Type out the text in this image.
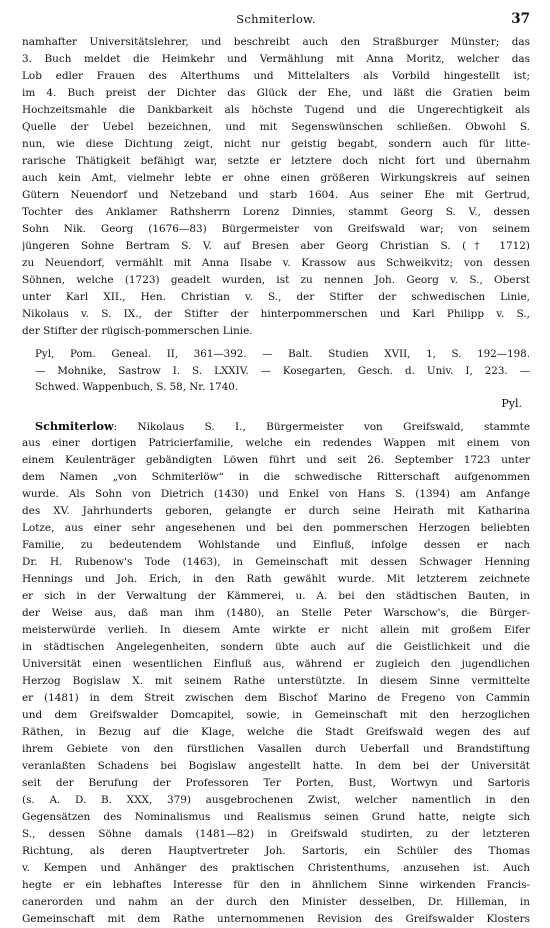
Schmiterlow.	37
namhafter Universitätslehrer, und beschreibt auch den Straßburger Münster; das
3. Buch meldet die Heimkehr und Vermählung mit Anna Moritz, welcher das
Lob edler Frauen des Alterthums und Mittelalters als Vorbild hingestellt ist;
im 4. Buch preist der Dichter das Glück der Ehe, und läßt die Gratien beim
Hochzeitsmahle die Dankbarkeit als höchste Tugend und die Ungerechtigkeit als
Quelle der Uebel bezeichnen, und mit Segenswünschen schließen. Obwohl S.
nun, wie diese Dichtung zeigt, nicht nur geistig begabt, sondern auch für litte-
rarische Thätigkeit befähigt war, setzte er letztere doch nicht fort und übernahm
auch kein Amt, vielmehr lebte er ohne einen größeren Wirkungskreis auf seinen
Gütern Neuendorf und Netzeband und starb 1604. Aus seiner Ehe mit Gertrud,
Tochter des Anklamer Rathsherrn Lorenz Dinnies, stammt Georg S. V., dessen
Sohn Nik. Georg (1676—83) Bürgermeister von Greifswald war; von seinem
jüngeren Sohne Bertram S. V. auf Bresen aber Georg Christian S. († 1712)
zu Neuendorf, vermählt mit Anna Ilsabe v. Krassow aus Schweikvitz; von dessen
Söhnen, welche (1723) geadelt wurden, ist zu nennen Joh. Georg v. S., Oberst
unter Karl XII., Hen. Christian v. S., der Stifter der schwedischen Linie,
Nikolaus v. S. IX., der Stifter der hinterpommerschen und Karl Philipp v. S.,
der Stifter der rügisch-pommerschen Linie.
Pyl, Pom. Geneal. II, 361—392. — Balt. Studien XVII, 1, S. 192—198.
— Mohnike, Sastrow I. S. LXXIV. — Kosegarten, Gesch. d. Univ. I, 223. —
Schwed. Wappenbuch, S. 58, Nr. 1740.
Pyl.
Schmiterlow: Nikolaus S. I., Bürgermeister von Greifswald, stammte
aus einer dortigen Patricierfamilie, welche ein redendes Wappen mit einem von
einem Keulenträger gebändigten Löwen führt und seit 26. September 1723 unter
dem Namen „von Schmiterlöw“ in die schwedische Ritterschaft aufgenommen
wurde. Als Sohn von Dietrich (1430) und Enkel von Hans S. (1394) am Anfange
des XV. Jahrhunderts geboren, gelangte er durch seine Heirath mit Katharina
Lotze, aus einer sehr angesehenen und bei den pommerschen Herzogen beliebten
Familie, zu bedeutendem Wohlstande und Einfluß, infolge dessen er nach
Dr. H. Rubenow's Tode (1463), in Gemeinschaft mit dessen Schwager Henning
Hennings und Joh. Erich, in den Rath gewählt wurde. Mit letzterem zeichnete
er sich in der Verwaltung der Kämmerei, u. A. bei den städtischen Bauten, in
der Weise aus, daß man ihm (1480), an Stelle Peter Warschow's, die Bürger-
meisterwürde verlieh. In diesem Amte wirkte er nicht allein mit großem Eifer
in städtischen Angelegenheiten, sondern übte auch auf die Geistlichkeit und die
Universität einen wesentlichen Einfluß aus, während er zugleich den jugendlichen
Herzog Bogislaw X. mit seinem Rathe unterstützte. In diesem Sinne vermittelte
er (1481) in dem Streit zwischen dem Bischof Marino de Fregeno von Cammin
und dem Greifswalder Domcapitel, sowie, in Gemeinschaft mit den herzoglichen
Räthen, in Bezug auf die Klage, welche die Stadt Greifswald wegen des auf
ihrem Gebiete von den fürstlichen Vasallen durch Ueberfall und Brandstiftung
veranlaßten Schadens bei Bogislaw angestellt hatte. In dem bei der Universität
seit der Berufung der Professoren Ter Porten, Bust, Wortwyn und Sartoris
(s. A. D. B. XXX, 379) ausgebrochenen Zwist, welcher namentlich in den
Gegensätzen des Nominalismus und Realismus seinen Grund hatte, neigte sich
S., dessen Söhne damals (1481—82) in Greifswald studirten, zu der letzteren
Richtung, als deren Hauptvertreter Joh. Sartoris, ein Schüler des Thomas
v. Kempen und Anhänger des praktischen Christenthums, anzusehen ist. Auch
hegte er ein lebhaftes Interesse für den in ähnlichem Sinne wirkenden Francis-
canerorden und nahm an der durch den Minister desselben, Dr. Hilleman, in
Gemeinschaft mit dem Rathe unternommenen Revision des Greifswalder Klosters
